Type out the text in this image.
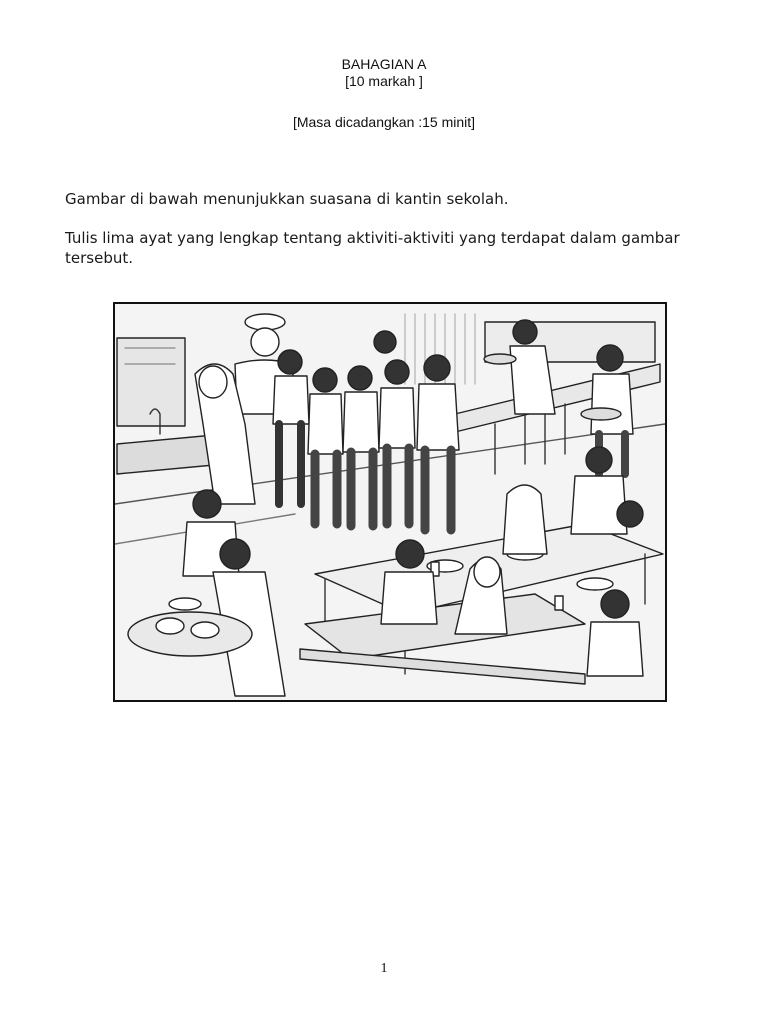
BAHAGIAN A

[10 markah ]

[Masa dicadangkan :15 minit]

Gambar di bawah menunjukkan suasana di kantin sekolah.

Tulis lima ayat yang lengkap tentang aktiviti-aktiviti yang terdapat dalam gambar tersebut.

1
